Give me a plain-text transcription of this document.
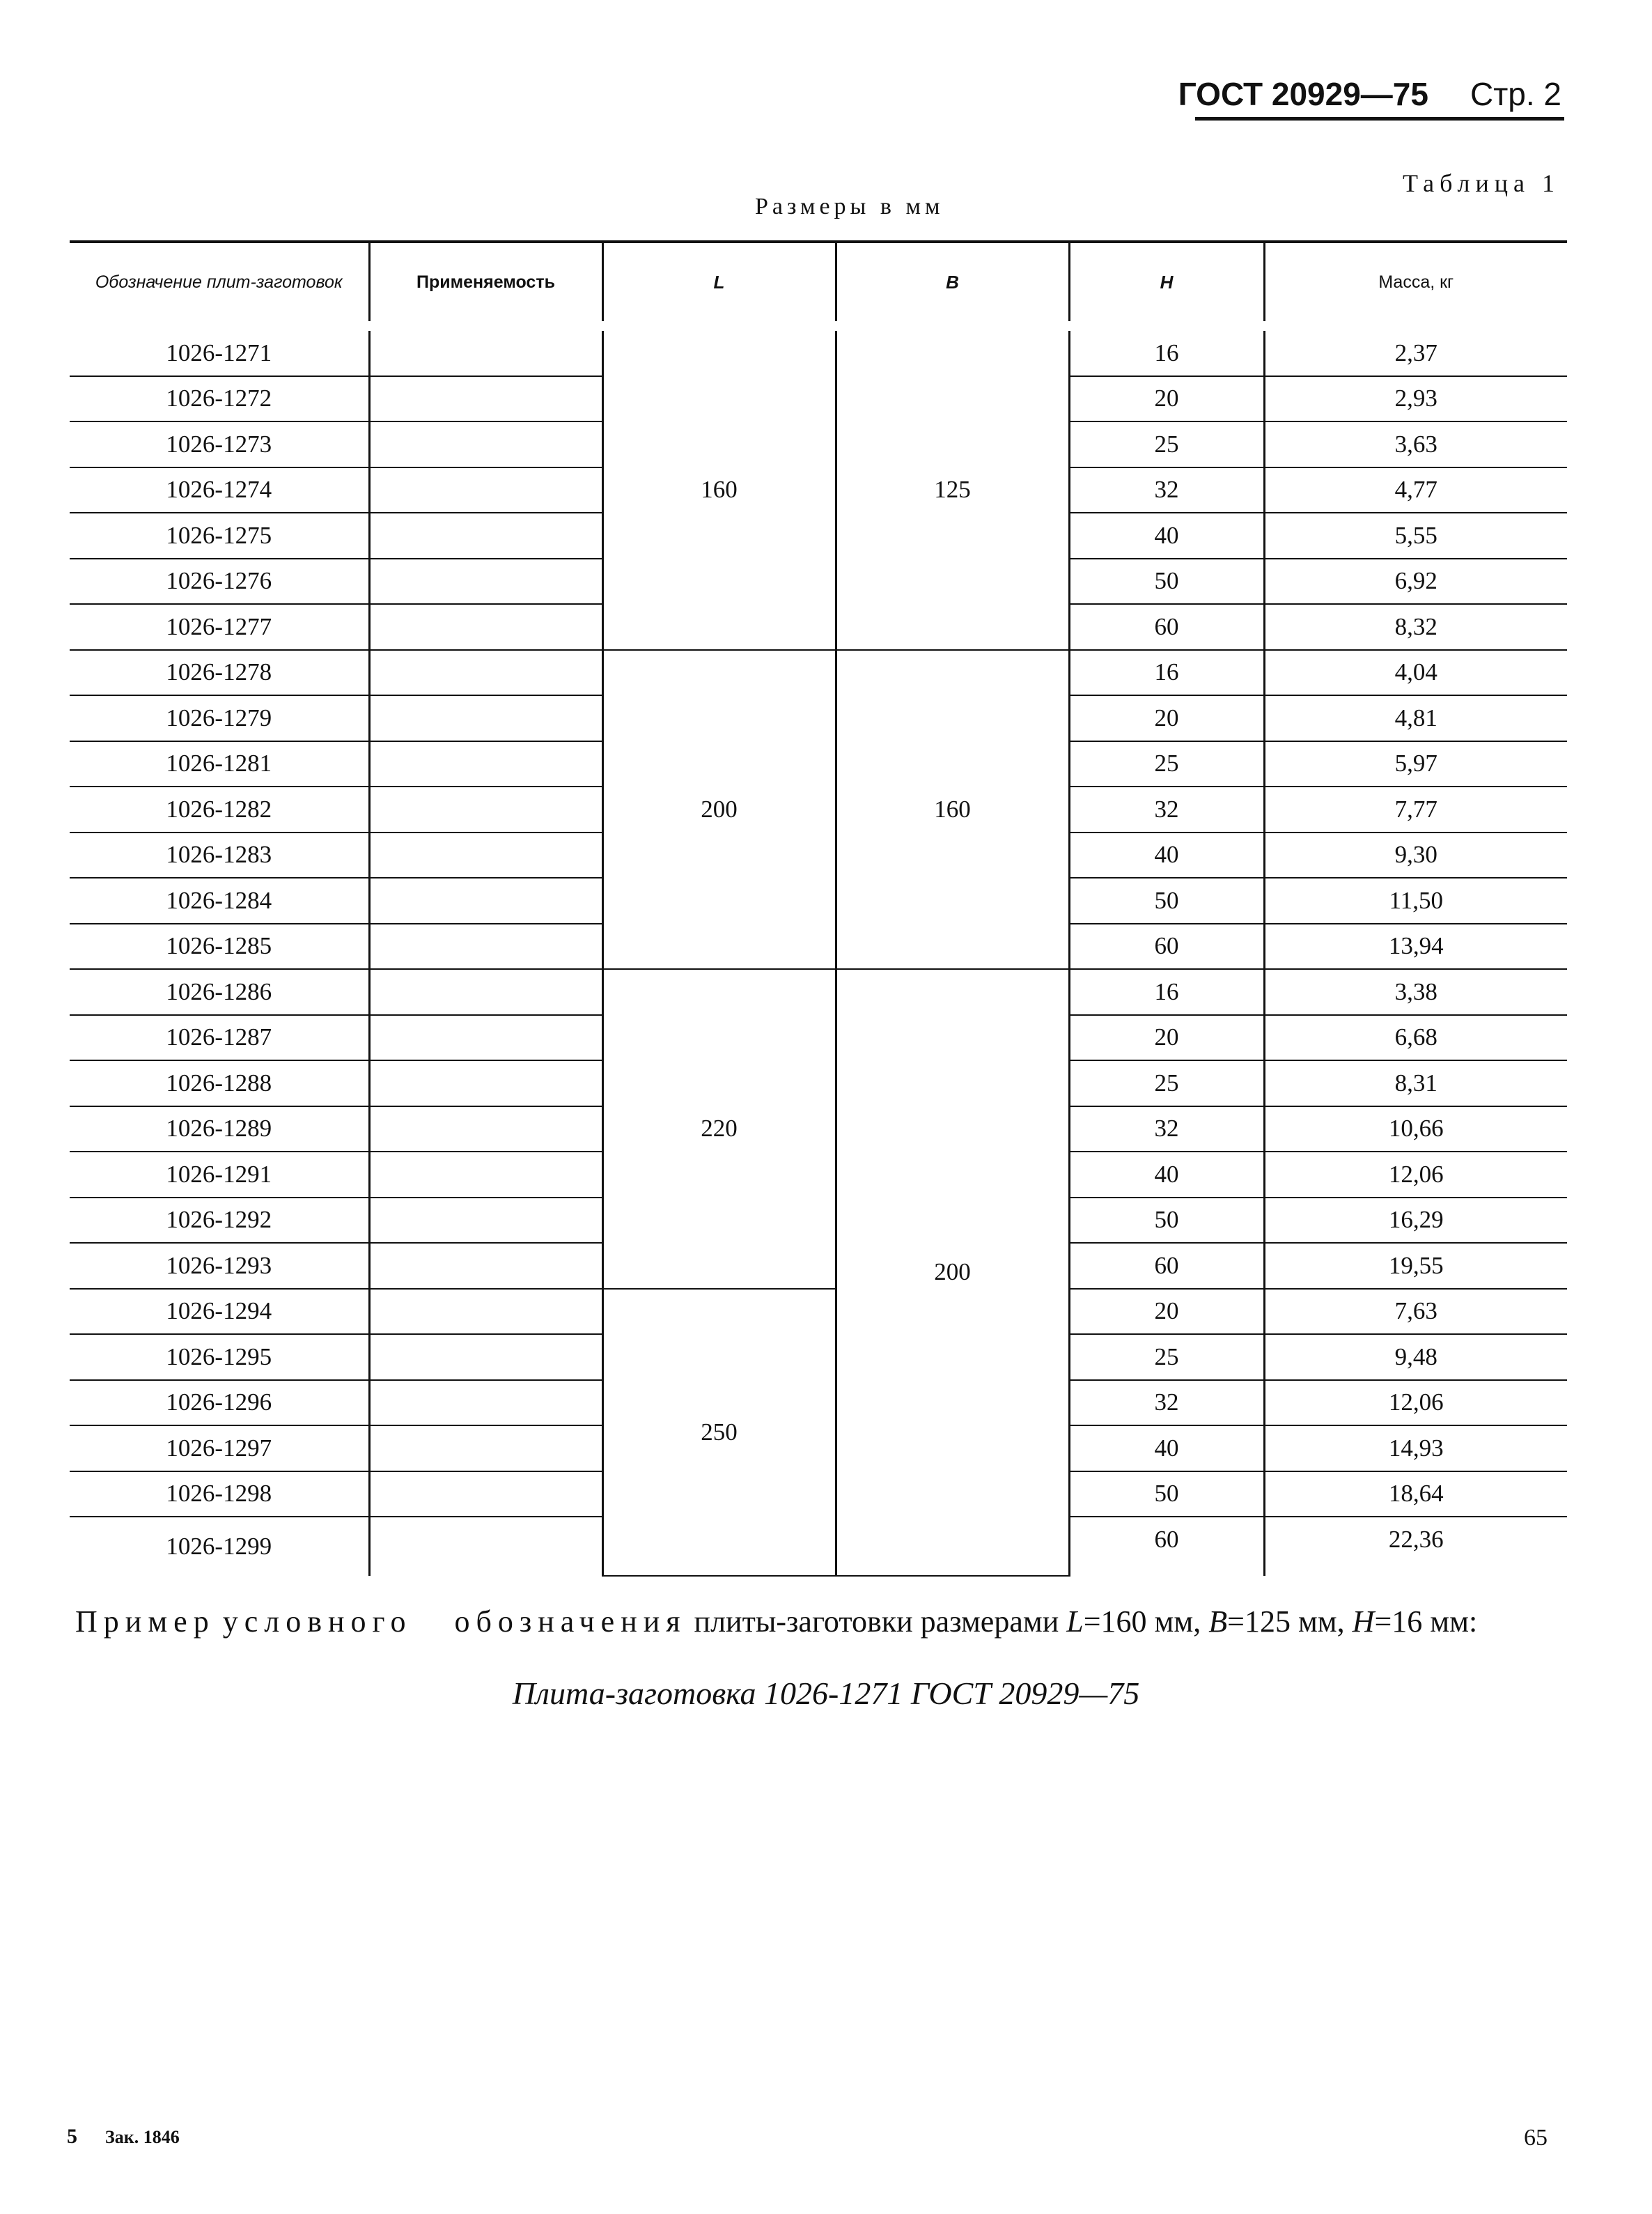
ГОСТ 20929—75 Стр. 2
Таблица 1
Размеры в мм
Обозначение плит-заготовок	Применяемость	L	B	H	Масса, кг
1026-1271		160	125	16	2,37
1026-1272				20	2,93
1026-1273				25	3,63
1026-1274				32	4,77
1026-1275				40	5,55
1026-1276				50	6,92
1026-1277				60	8,32
1026-1278		200	160	16	4,04
1026-1279				20	4,81
1026-1281				25	5,97
1026-1282				32	7,77
1026-1283				40	9,30
1026-1284				50	11,50
1026-1285				60	13,94
1026-1286		220	200	16	3,38
1026-1287				20	6,68
1026-1288				25	8,31
1026-1289				32	10,66
1026-1291				40	12,06
1026-1292				50	16,29
1026-1293				60	19,55
1026-1294		250		20	7,63
1026-1295				25	9,48
1026-1296				32	12,06
1026-1297				40	14,93
1026-1298				50	18,64
1026-1299				60	22,36
Пример условного обозначения плиты-заготовки размерами L=160 мм, B=125 мм, H=16 мм:
Плита-заготовка 1026-1271 ГОСТ 20929—75
5 Зак. 1846	65
